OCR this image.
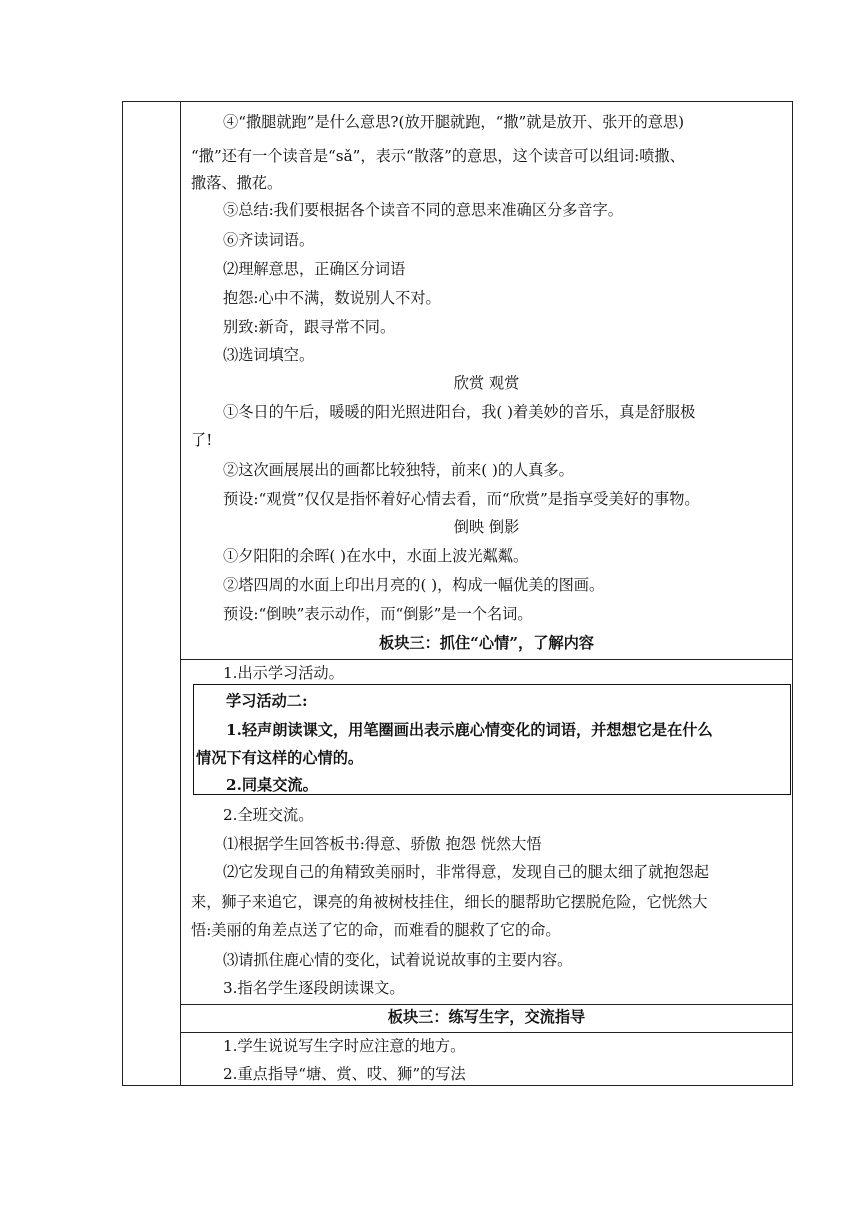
④“撒腿就跑”是什么意思?(放开腿就跑，“撒”就是放开、张开的意思)
“撒”还有一个读音是“sǎ”，表示“散落”的意思，这个读音可以组词:喷撒、
撒落、撒花。
⑤总结:我们要根据各个读音不同的意思来准确区分多音字。
⑥齐读词语。
⑵理解意思，正确区分词语
抱怨:心中不满，数说别人不对。
别致:新奇，跟寻常不同。
⑶选词填空。
欣赏 观赏
①冬日的午后，暖暖的阳光照进阳台，我( )着美妙的音乐，真是舒服极
了!
②这次画展展出的画都比较独特，前来( )的人真多。
预设:“观赏”仅仅是指怀着好心情去看，而“欣赏”是指享受美好的事物。
倒映 倒影
①夕阳阳的余晖( )在水中，水面上波光粼粼。
②塔四周的水面上印出月亮的( )，构成一幅优美的图画。
预设:“倒映”表示动作，而“倒影”是一个名词。
板块三：抓住“心情”，了解内容
1.出示学习活动。
学习活动二:
1.轻声朗读课文，用笔圈画出表示鹿心情变化的词语，并想想它是在什么
情况下有这样的心情的。
2.同桌交流。
2.全班交流。
⑴根据学生回答板书:得意、骄傲 抱怨 恍然大悟
⑵它发现自己的角精致美丽时，非常得意，发现自己的腿太细了就抱怨起
来，狮子来追它，课亮的角被树枝挂住，细长的腿帮助它摆脱危险，它恍然大
悟:美丽的角差点送了它的命，而难看的腿救了它的命。
⑶请抓住鹿心情的变化，试着说说故事的主要内容。
3.指名学生逐段朗读课文。
板块三：练写生字，交流指导
1.学生说说写生字时应注意的地方。
2.重点指导“塘、赏、哎、狮”的写法
